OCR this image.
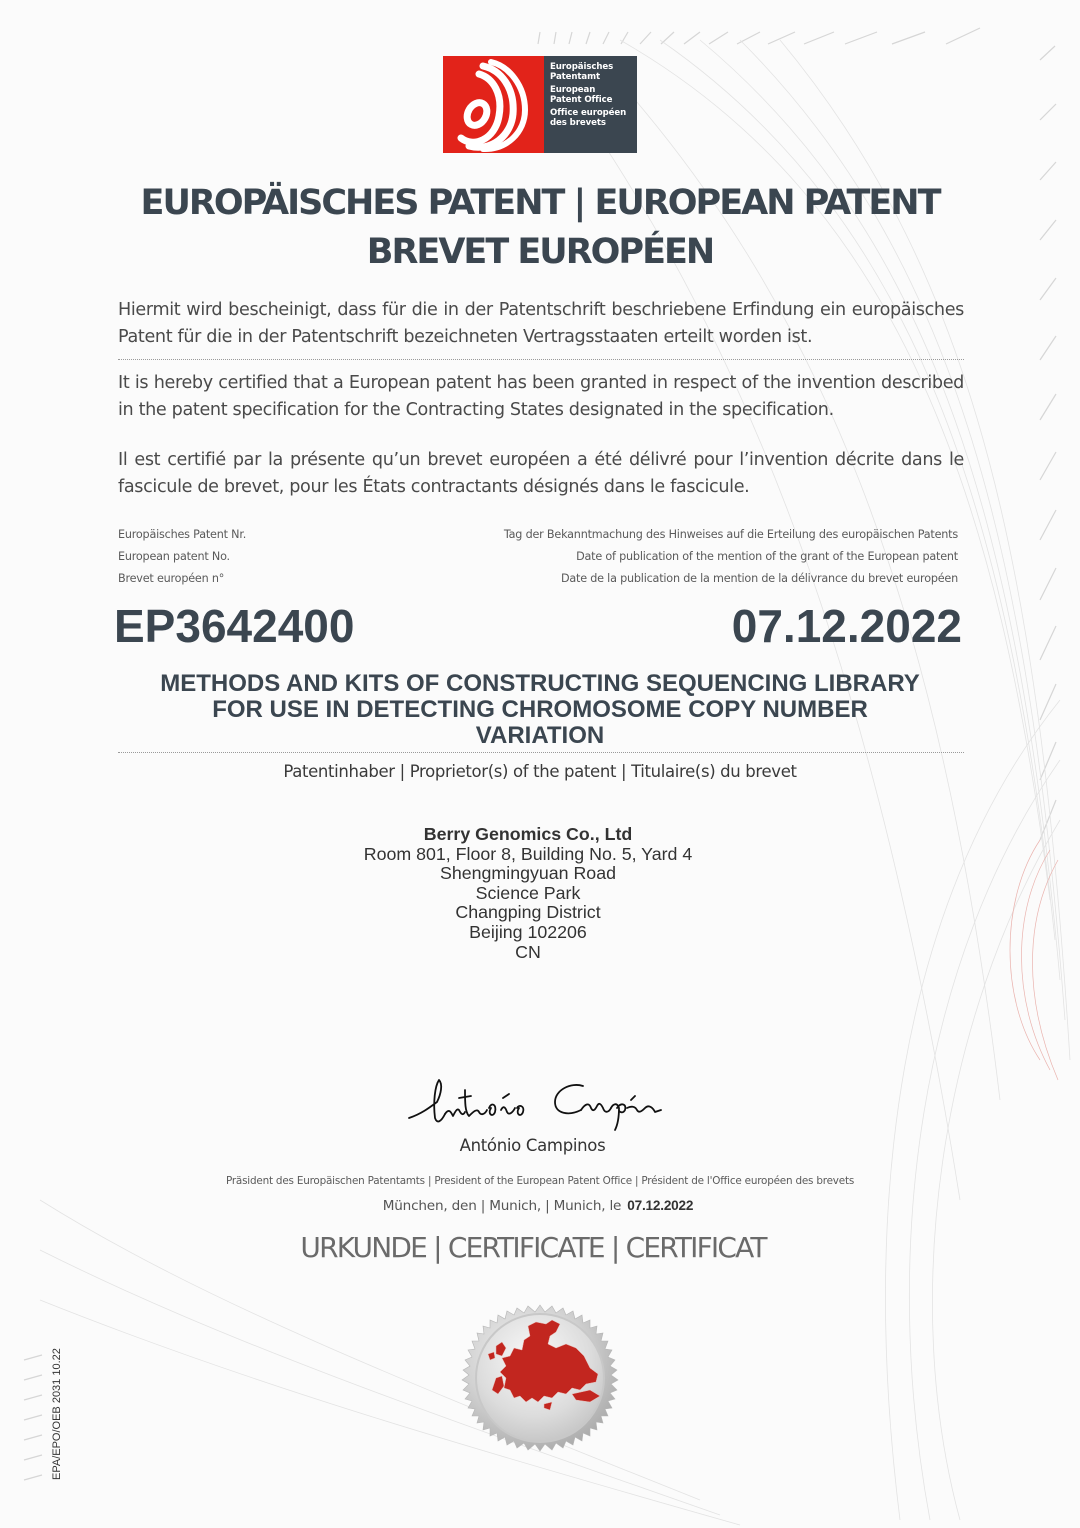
Europäisches
Patentamt
European
Patent Office
Office européen
des brevets
EUROPÄISCHES PATENT | EUROPEAN PATENT
BREVET EUROPÉEN
Hiermit wird bescheinigt, dass für die in der Patentschrift beschriebene Erfindung ein europäisches Patent für die in der Patentschrift bezeichneten Vertragsstaaten erteilt worden ist.
It is hereby certified that a European patent has been granted in respect of the invention described in the patent specification for the Contracting States designated in the specification.
Il est certifié par la présente qu’un brevet européen a été délivré pour l’invention décrite dans le fascicule de brevet, pour les États contractants désignés dans le fascicule.
Europäisches Patent Nr.
European patent No.
Brevet européen n°
Tag der Bekanntmachung des Hinweises auf die Erteilung des europäischen Patents
Date of publication of the mention of the grant of the European patent
Date de la publication de la mention de la délivrance du brevet européen
EP3642400	07.12.2022
METHODS AND KITS OF CONSTRUCTING SEQUENCING LIBRARY
FOR USE IN DETECTING CHROMOSOME COPY NUMBER
VARIATION
Patentinhaber | Proprietor(s) of the patent | Titulaire(s) du brevet
Berry Genomics Co., Ltd
Room 801, Floor 8, Building No. 5, Yard 4
Shengmingyuan Road
Science Park
Changping District
Beijing 102206
CN
António Campinos
Präsident des Europäischen Patentamts | President of the European Patent Office | Président de l'Office européen des brevets
München, den | Munich, | Munich, le 07.12.2022
URKUNDE | CERTIFICATE | CERTIFICAT
EPA/EPO/OEB 2031 10.22
